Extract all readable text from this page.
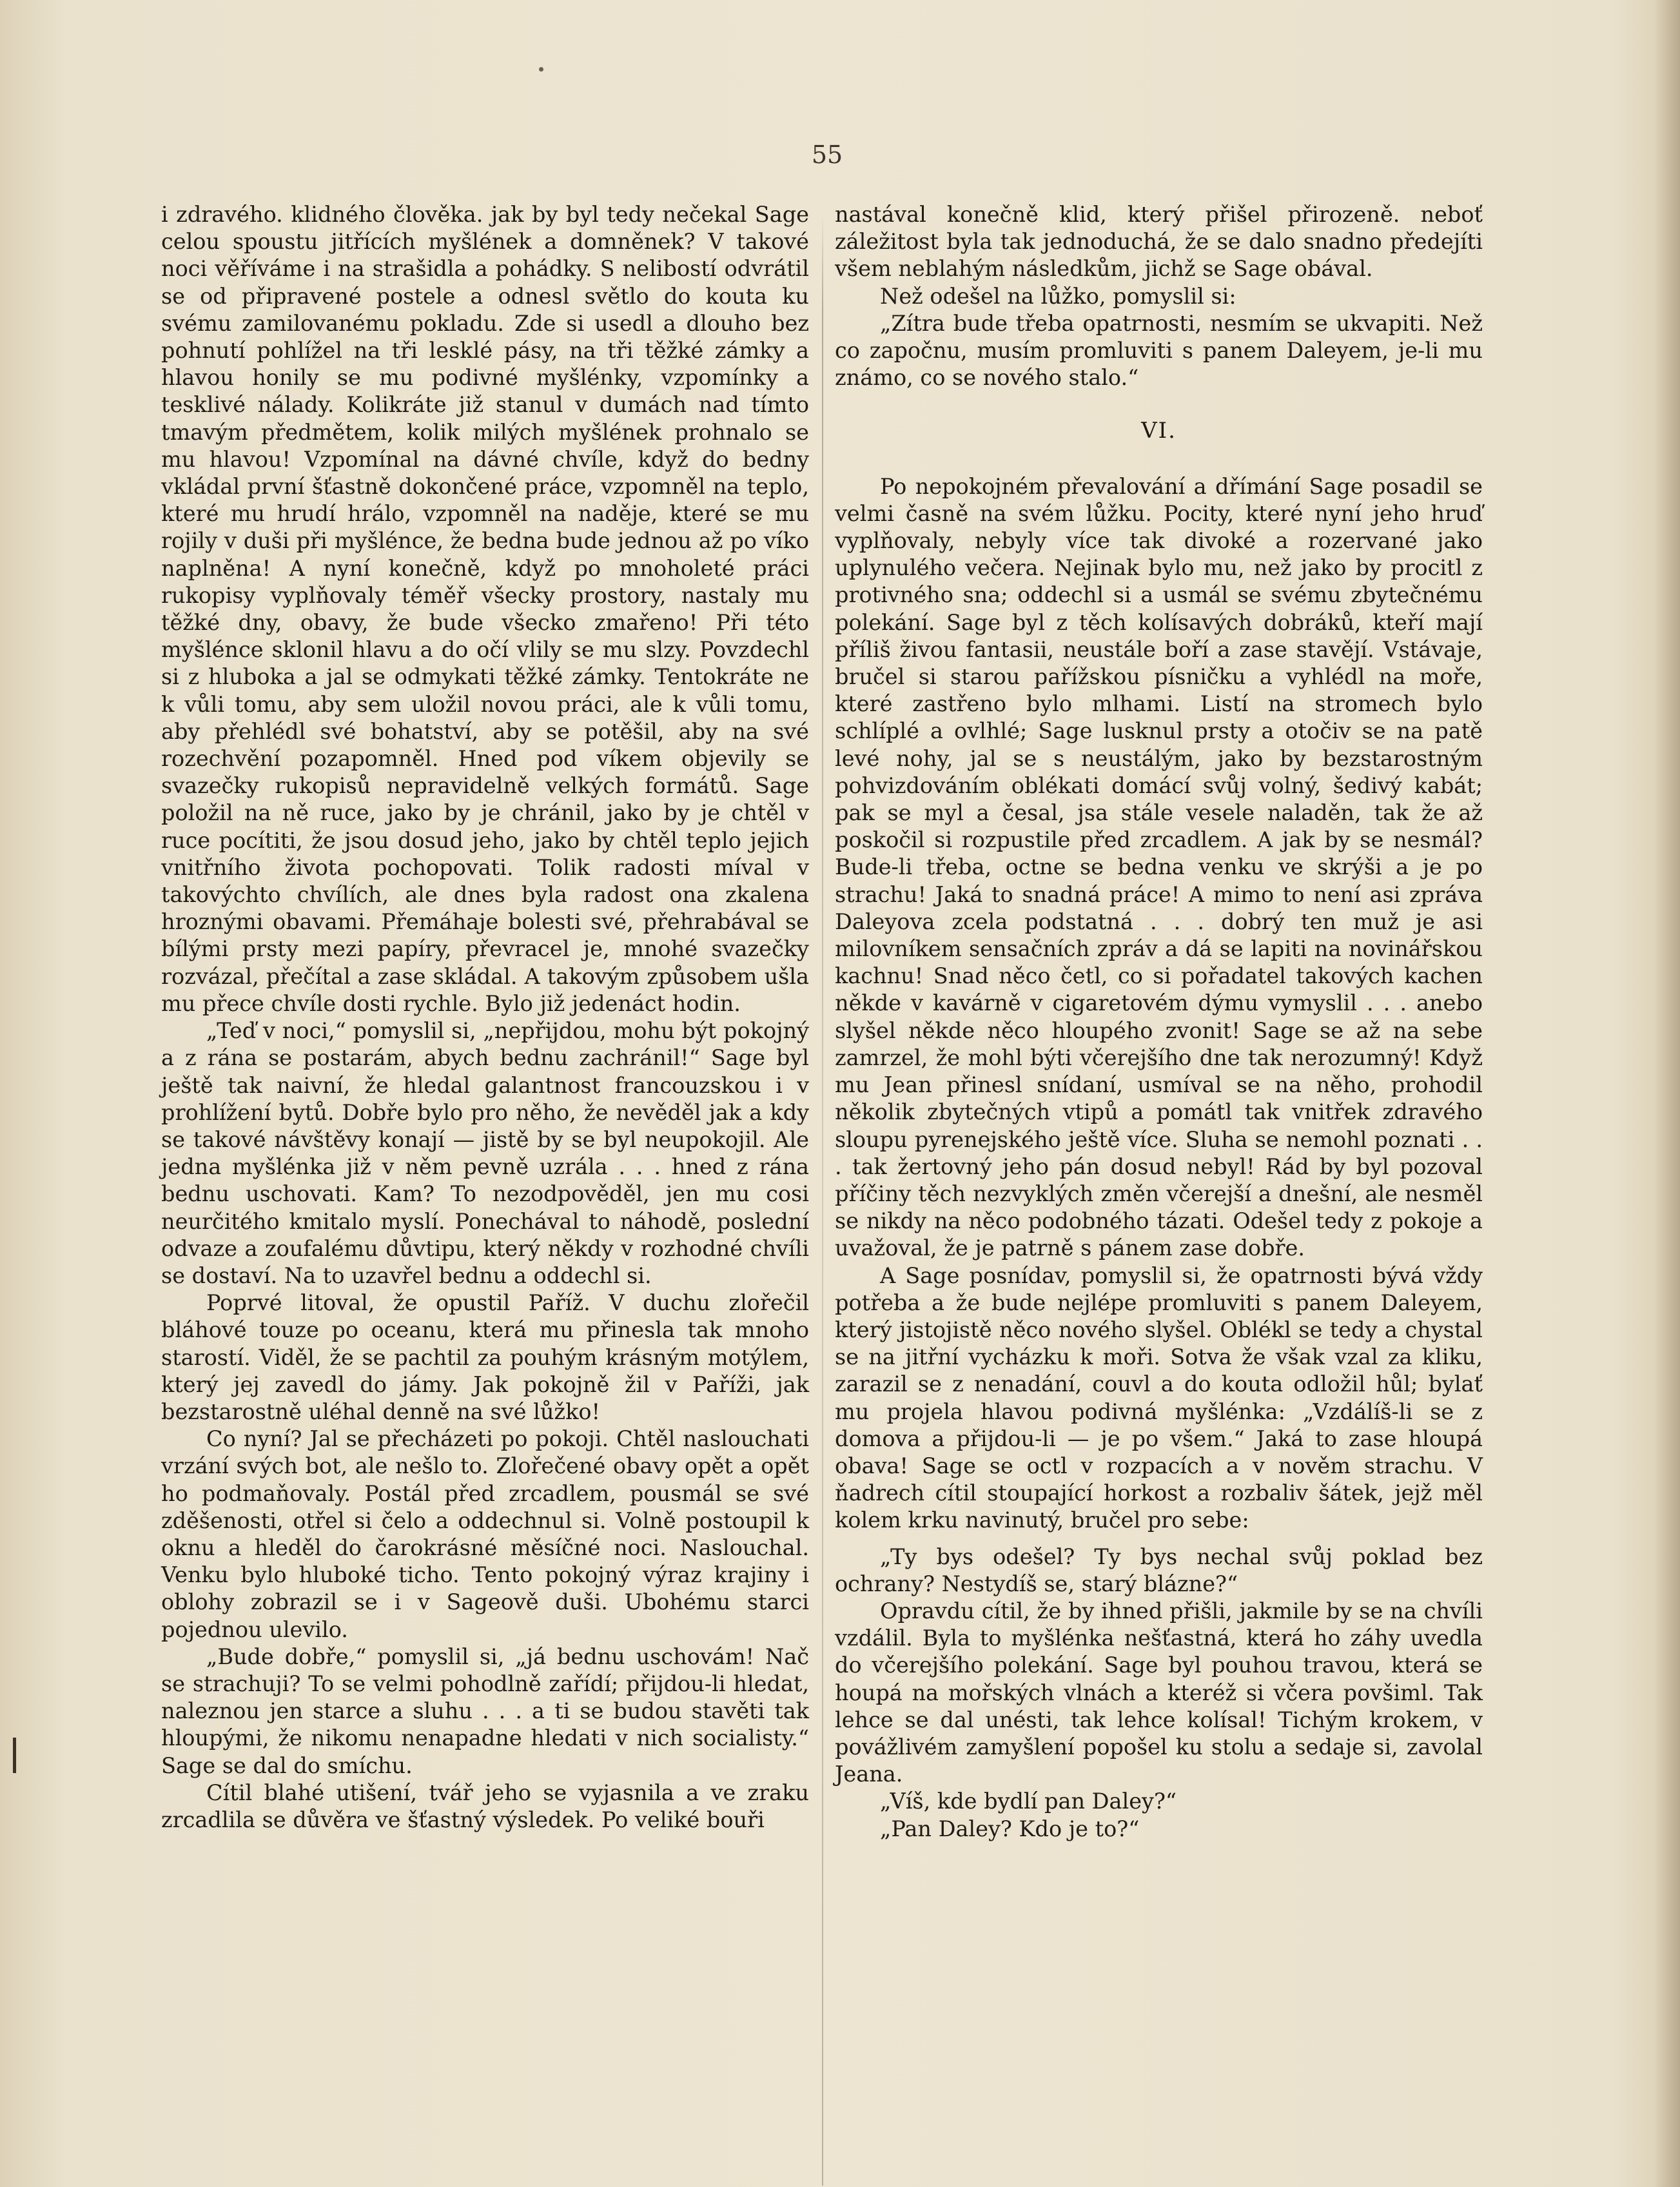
55

i zdravého. klidného člověka. jak by byl tedy nečekal Sage celou spoustu jitřících myšlének a domněnek? V takové noci věříváme i na strašidla a pohádky. S nelibostí odvrátil se od připravené postele a odnesl světlo do kouta ku svému zamilovanému pokladu. Zde si usedl a dlouho bez pohnutí pohlížel na tři lesklé pásy, na tři těžké zámky a hlavou honily se mu podivné myšlénky, vzpomínky a tesklivé nálady. Kolikráte již stanul v dumách nad tímto tmavým předmětem, kolik milých myšlének prohnalo se mu hlavou! Vzpomínal na dávné chvíle, když do bedny vkládal první šťastně dokončené práce, vzpomněl na teplo, které mu hrudí hrálo, vzpomněl na naděje, které se mu rojily v duši při myšlénce, že bedna bude jednou až po víko naplněna! A nyní konečně, když po mnoholeté práci rukopisy vyplňovaly téměř všecky prostory, nastaly mu těžké dny, obavy, že bude všecko zmařeno! Při této myšlénce sklonil hlavu a do očí vlily se mu slzy. Povzdechl si z hluboka a jal se odmykati těžké zámky. Tentokráte ne k vůli tomu, aby sem uložil novou práci, ale k vůli tomu, aby přehlédl své bohatství, aby se potěšil, aby na své rozechvění pozapomněl. Hned pod víkem objevily se svazečky rukopisů nepravidelně velkých formátů. Sage položil na ně ruce, jako by je chránil, jako by je chtěl v ruce pocítiti, že jsou dosud jeho, jako by chtěl teplo jejich vnitřního života pochopovati. Tolik radosti míval v takovýchto chvílích, ale dnes byla radost ona zkalena hroznými obavami. Přemáhaje bolesti své, přehrabával se bílými prsty mezi papíry, převracel je, mnohé svazečky rozvázal, přečítal a zase skládal. A takovým způsobem ušla mu přece chvíle dosti rychle. Bylo již jedenáct hodin.

„Teď v noci,“ pomyslil si, „nepřijdou, mohu být pokojný a z rána se postarám, abych bednu zachránil!“ Sage byl ještě tak naivní, že hledal galantnost francouzskou i v prohlížení bytů. Dobře bylo pro něho, že nevěděl jak a kdy se takové návštěvy konají — jistě by se byl neupokojil. Ale jedna myšlénka již v něm pevně uzrála . . . hned z rána bednu uschovati. Kam? To nezodpověděl, jen mu cosi neurčitého kmitalo myslí. Ponechával to náhodě, poslední odvaze a zoufalému důvtipu, který někdy v rozhodné chvíli se dostaví. Na to uzavřel bednu a oddechl si.

Poprvé litoval, že opustil Paříž. V duchu zlořečil bláhové touze po oceanu, která mu přinesla tak mnoho starostí. Viděl, že se pachtil za pouhým krásným motýlem, který jej zavedl do jámy. Jak pokojně žil v Paříži, jak bezstarostně uléhal denně na své lůžko!

Co nyní? Jal se přecházeti po pokoji. Chtěl naslouchati vrzání svých bot, ale nešlo to. Zlořečené obavy opět a opět ho podmaňovaly. Postál před zrcadlem, pousmál se své zděšenosti, otřel si čelo a oddechnul si. Volně postoupil k oknu a hleděl do čarokrásné měsíčné noci. Naslouchal. Venku bylo hluboké ticho. Tento pokojný výraz krajiny i oblohy zobrazil se i v Sageově duši. Ubohému starci pojednou ulevilo.

„Bude dobře,“ pomyslil si, „já bednu uschovám! Nač se strachuji? To se velmi pohodlně zařídí; přijdou-li hledat, naleznou jen starce a sluhu . . . a ti se budou stavěti tak hloupými, že nikomu nenapadne hledati v nich socialisty.“ Sage se dal do smíchu.

Cítil blahé utišení, tvář jeho se vyjasnila a ve zraku zrcadlila se důvěra ve šťastný výsledek. Po veliké bouři

nastával konečně klid, který přišel přirozeně. neboť záležitost byla tak jednoduchá, že se dalo snadno předejíti všem neblahým následkům, jichž se Sage obával.

Než odešel na lůžko, pomyslil si:

„Zítra bude třeba opatrnosti, nesmím se ukvapiti. Než co započnu, musím promluviti s panem Daleyem, je-li mu známo, co se nového stalo.“

VI.

Po nepokojném převalování a dřímání Sage posadil se velmi časně na svém lůžku. Pocity, které nyní jeho hruď vyplňovaly, nebyly více tak divoké a rozervané jako uplynulého večera. Nejinak bylo mu, než jako by procitl z protivného sna; oddechl si a usmál se svému zbytečnému polekání. Sage byl z těch kolísavých dobráků, kteří mají příliš živou fantasii, neustále boří a zase stavějí. Vstávaje, bručel si starou pařížskou písničku a vyhlédl na moře, které zastřeno bylo mlhami. Listí na stromech bylo schlíplé a ovlhlé; Sage lusknul prsty a otočiv se na patě levé nohy, jal se s neustálým, jako by bezstarostným pohvizdováním oblékati domácí svůj volný, šedivý kabát; pak se myl a česal, jsa stále vesele naladěn, tak že až poskočil si rozpustile před zrcadlem. A jak by se nesmál? Bude-li třeba, octne se bedna venku ve skrýši a je po strachu! Jaká to snadná práce! A mimo to není asi zpráva Daleyova zcela podstatná . . . dobrý ten muž je asi milovníkem sensačních zpráv a dá se lapiti na novinářskou kachnu! Snad něco četl, co si pořadatel takových kachen někde v kavárně v cigaretovém dýmu vymyslil . . . anebo slyšel někde něco hloupého zvonit! Sage se až na sebe zamrzel, že mohl býti včerejšího dne tak nerozumný! Když mu Jean přinesl snídaní, usmíval se na něho, prohodil několik zbytečných vtipů a pomátl tak vnitřek zdravého sloupu pyrenejského ještě více. Sluha se nemohl poznati . . . tak žertovný jeho pán dosud nebyl! Rád by byl pozoval příčiny těch nezvyklých změn včerejší a dnešní, ale nesměl se nikdy na něco podobného tázati. Odešel tedy z pokoje a uvažoval, že je patrně s pánem zase dobře.

A Sage posnídav, pomyslil si, že opatrnosti bývá vždy potřeba a že bude nejlépe promluviti s panem Daleyem, který jistojistě něco nového slyšel. Oblékl se tedy a chystal se na jitřní vycházku k moři. Sotva že však vzal za kliku, zarazil se z nenadání, couvl a do kouta odložil hůl; bylať mu projela hlavou podivná myšlénka: „Vzdálíš-li se z domova a přijdou-li — je po všem.“ Jaká to zase hloupá obava! Sage se octl v rozpacích a v nověm strachu. V ňadrech cítil stoupající horkost a rozbaliv šátek, jejž měl kolem krku navinutý, bručel pro sebe:

„Ty bys odešel? Ty bys nechal svůj poklad bez ochrany? Nestydíš se, starý blázne?“

Opravdu cítil, že by ihned přišli, jakmile by se na chvíli vzdálil. Byla to myšlénka nešťastná, která ho záhy uvedla do včerejšího polekání. Sage byl pouhou travou, která se houpá na mořských vlnách a kteréž si včera povšiml. Tak lehce se dal unésti, tak lehce kolísal! Tichým krokem, v povážlivém zamyšlení popošel ku stolu a sedaje si, zavolal Jeana.

„Víš, kde bydlí pan Daley?“

„Pan Daley? Kdo je to?“
